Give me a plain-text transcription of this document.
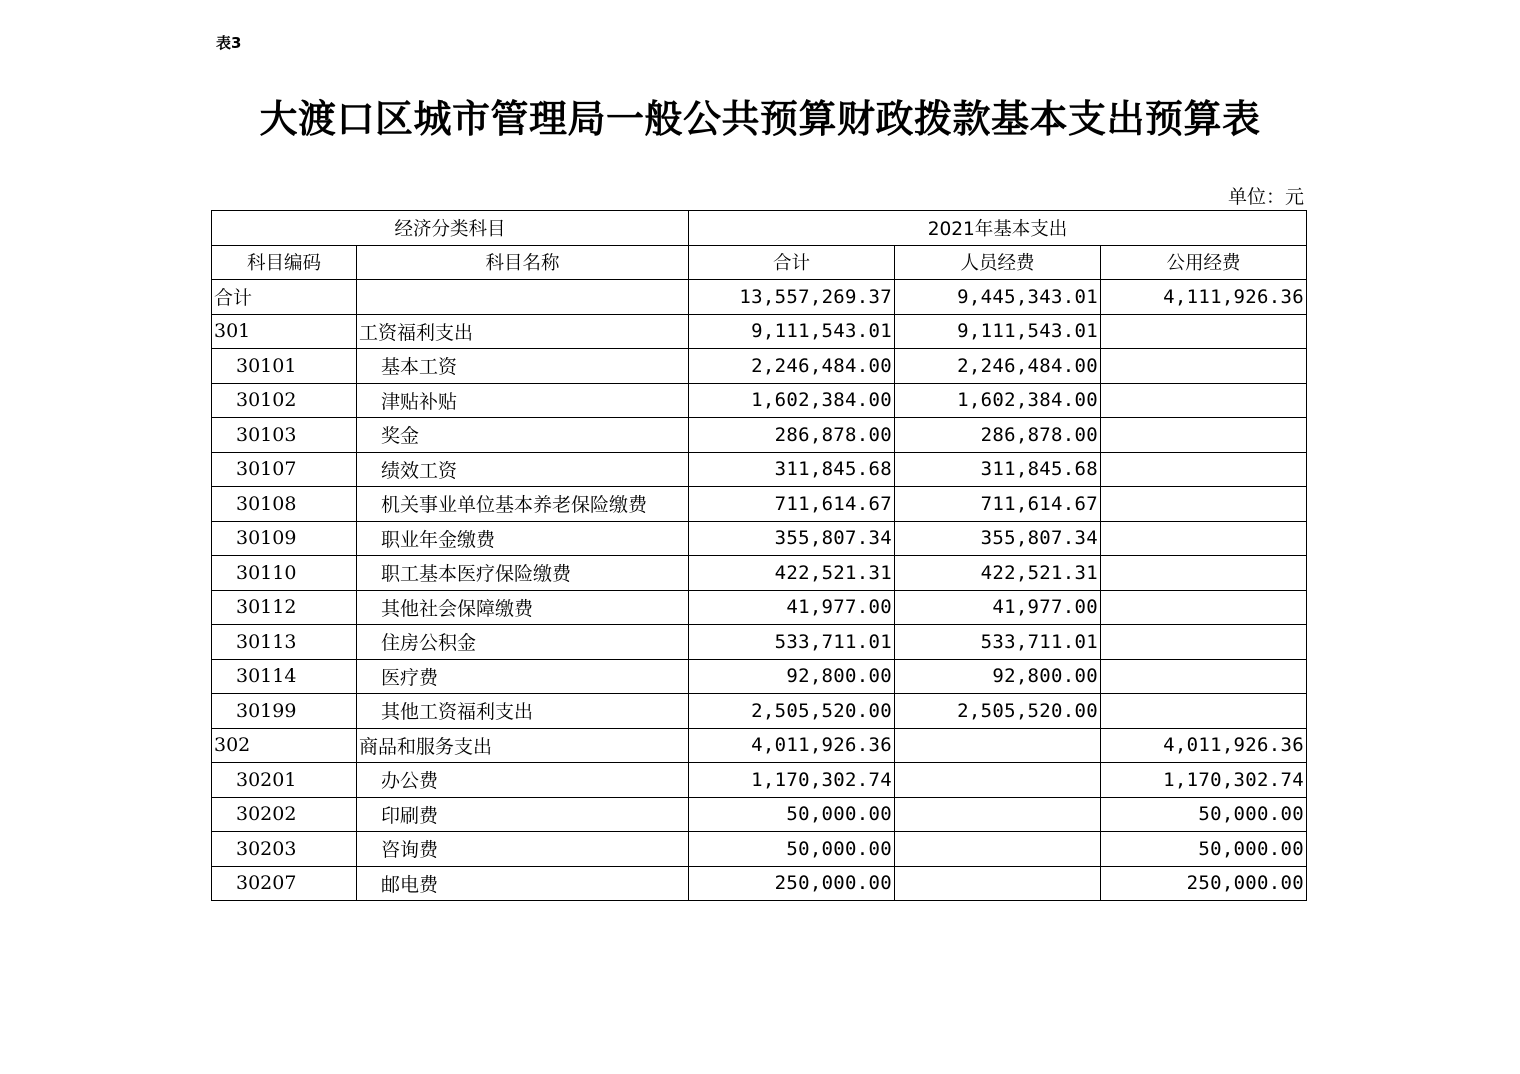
表3
大渡口区城市管理局一般公共预算财政拨款基本支出预算表
单位：元
经济分类科目		2021年基本支出		
科目编码	科目名称	合计	人员经费	公用经费
合计		13,557,269.37	9,445,343.01	4,111,926.36
301	工资福利支出	9,111,543.01	9,111,543.01	
30101	基本工资	2,246,484.00	2,246,484.00	
30102	津贴补贴	1,602,384.00	1,602,384.00	
30103	奖金	286,878.00	286,878.00	
30107	绩效工资	311,845.68	311,845.68	
30108	机关事业单位基本养老保险缴费	711,614.67	711,614.67	
30109	职业年金缴费	355,807.34	355,807.34	
30110	职工基本医疗保险缴费	422,521.31	422,521.31	
30112	其他社会保障缴费	41,977.00	41,977.00	
30113	住房公积金	533,711.01	533,711.01	
30114	医疗费	92,800.00	92,800.00	
30199	其他工资福利支出	2,505,520.00	2,505,520.00	
302	商品和服务支出	4,011,926.36		4,011,926.36
30201	办公费	1,170,302.74		1,170,302.74
30202	印刷费	50,000.00		50,000.00
30203	咨询费	50,000.00		50,000.00
30207	邮电费	250,000.00		250,000.00
